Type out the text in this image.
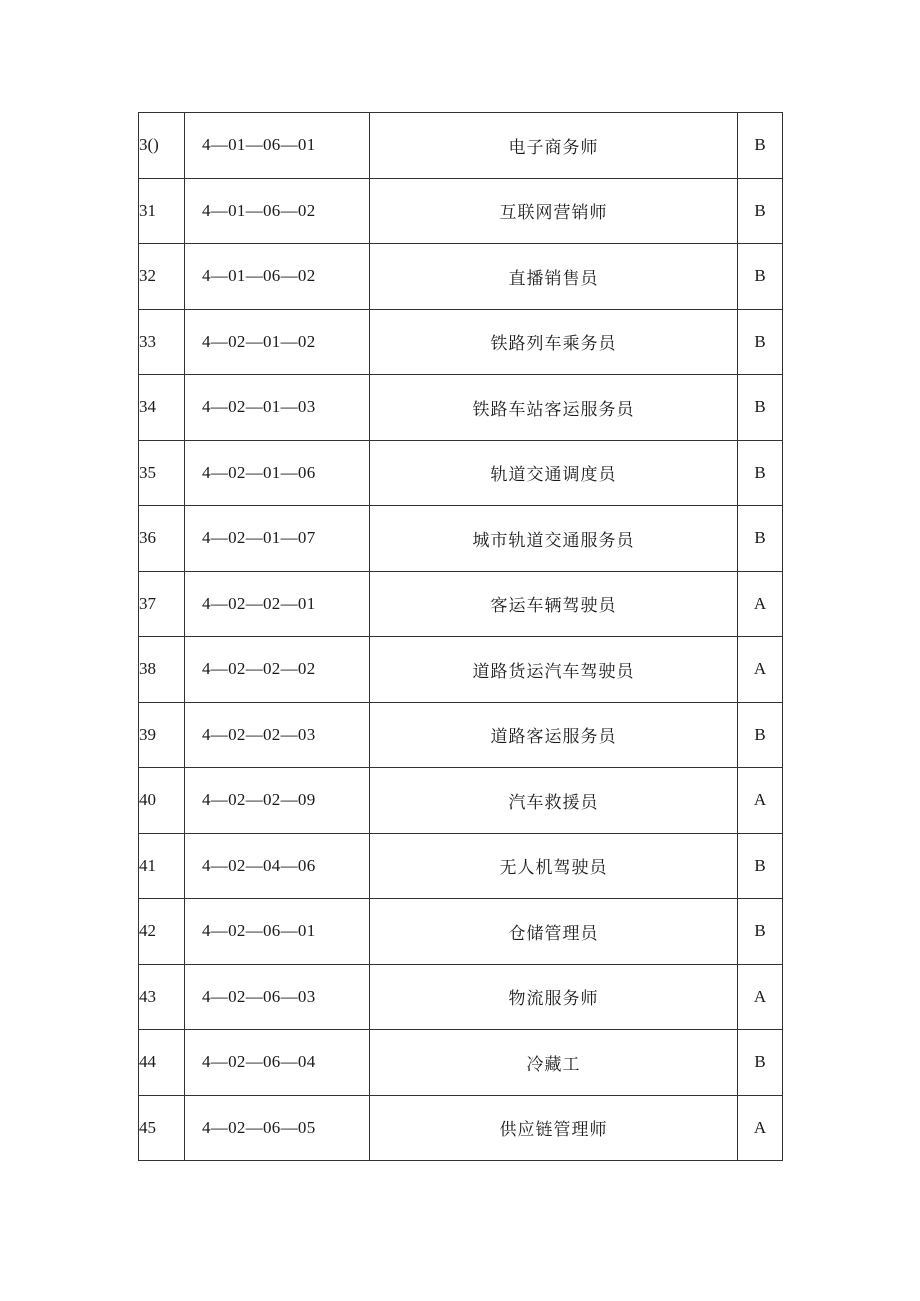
3()	4—01—06—01	电子商务师	B
31	4—01—06—02	互联网营销师	B
32	4—01—06—02	直播销售员	B
33	4—02—01—02	铁路列车乘务员	B
34	4—02—01—03	铁路车站客运服务员	B
35	4—02—01—06	轨道交通调度员	B
36	4—02—01—07	城市轨道交通服务员	B
37	4—02—02—01	客运车辆驾驶员	A
38	4—02—02—02	道路货运汽车驾驶员	A
39	4—02—02—03	道路客运服务员	B
40	4—02—02—09	汽车救援员	A
41	4—02—04—06	无人机驾驶员	B
42	4—02—06—01	仓储管理员	B
43	4—02—06—03	物流服务师	A
44	4—02—06—04	冷藏工	B
45	4—02—06—05	供应链管理师	A
